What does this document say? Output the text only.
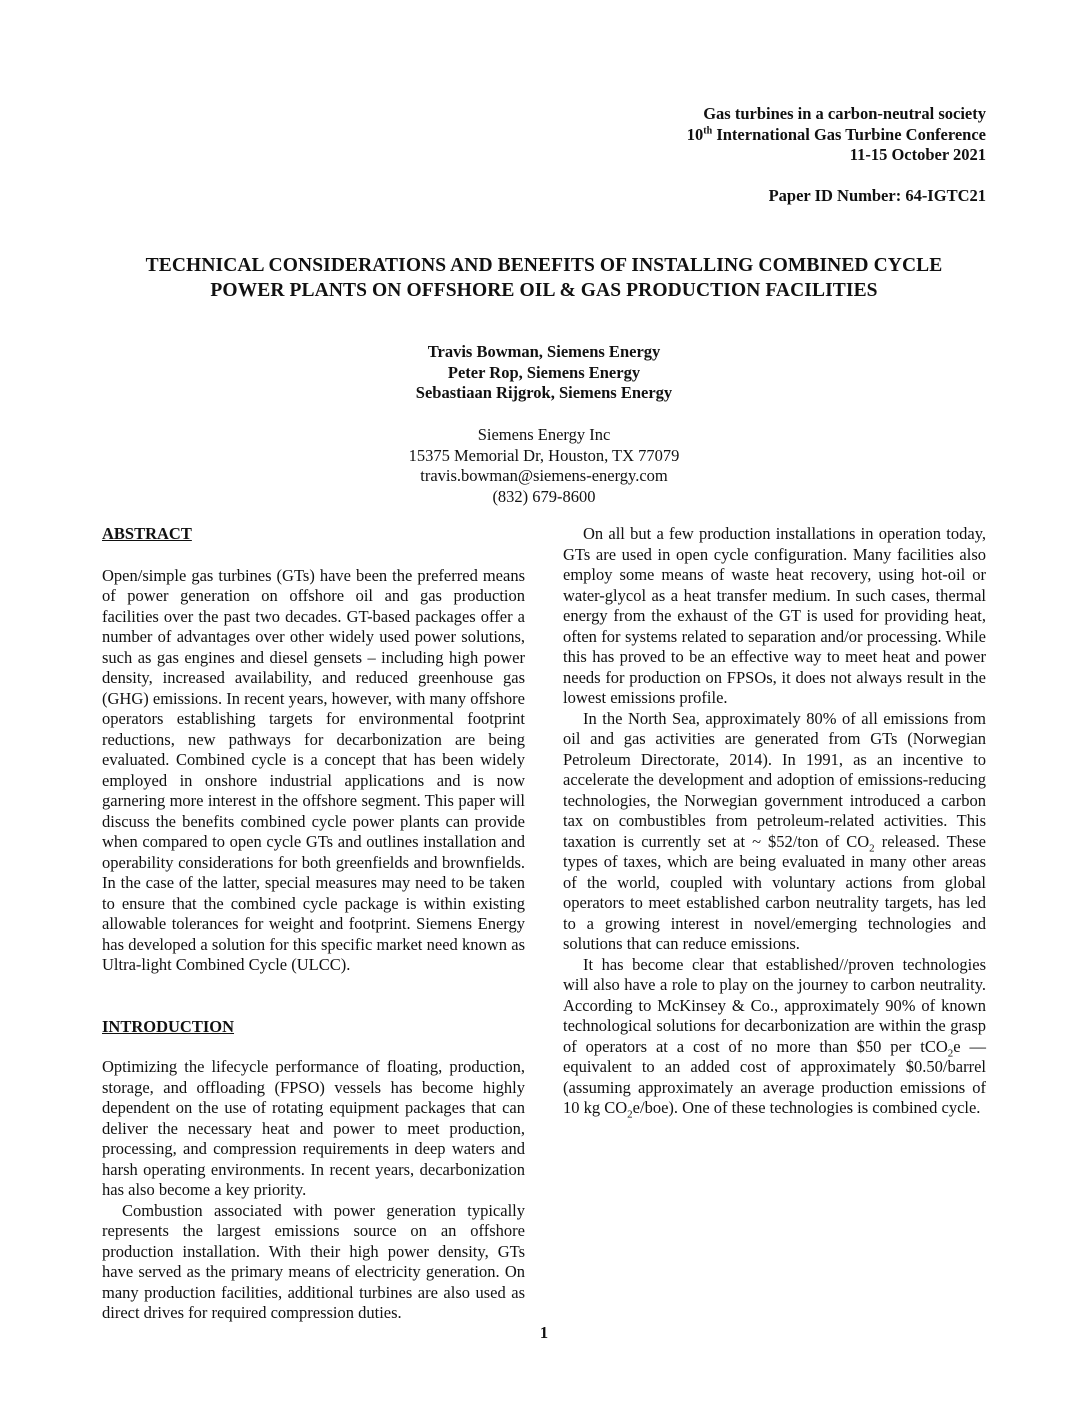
Gas turbines in a carbon-neutral society
10th International Gas Turbine Conference
11-15 October 2021
Paper ID Number: 64-IGTC21
TECHNICAL CONSIDERATIONS AND BENEFITS OF INSTALLING COMBINED CYCLE
POWER PLANTS ON OFFSHORE OIL & GAS PRODUCTION FACILITIES
Travis Bowman, Siemens Energy
Peter Rop, Siemens Energy
Sebastiaan Rijgrok, Siemens Energy
Siemens Energy Inc
15375 Memorial Dr, Houston, TX 77079
travis.bowman@siemens-energy.com
(832) 679-8600
ABSTRACT

Open/simple gas turbines (GTs) have been the preferred means of power generation on offshore oil and gas production facilities over the past two decades. GT-based packages offer a number of advantages over other widely used power solutions, such as gas engines and diesel gensets – including high power density, increased availability, and reduced greenhouse gas (GHG) emissions. In recent years, however, with many offshore operators establishing targets for environmental footprint reductions, new pathways for decarbonization are being evaluated. Combined cycle is a concept that has been widely employed in onshore industrial applications and is now garnering more interest in the offshore segment. This paper will discuss the benefits combined cycle power plants can provide when compared to open cycle GTs and outlines installation and operability considerations for both greenfields and brownfields. In the case of the latter, special measures may need to be taken to ensure that the combined cycle package is within existing allowable tolerances for weight and footprint. Siemens Energy has developed a solution for this specific market need known as Ultra-light Combined Cycle (ULCC).

INTRODUCTION

Optimizing the lifecycle performance of floating, production, storage, and offloading (FPSO) vessels has become highly dependent on the use of rotating equipment packages that can deliver the necessary heat and power to meet production, processing, and compression requirements in deep waters and harsh operating environments. In recent years, decarbonization has also become a key priority.

Combustion associated with power generation typically represents the largest emissions source on an offshore production installation. With their high power density, GTs have served as the primary means of electricity generation. On many production facilities, additional turbines are also used as direct drives for required compression duties.

On all but a few production installations in operation today, GTs are used in open cycle configuration. Many facilities also employ some means of waste heat recovery, using hot-oil or water-glycol as a heat transfer medium. In such cases, thermal energy from the exhaust of the GT is used for providing heat, often for systems related to separation and/or processing. While this has proved to be an effective way to meet heat and power needs for production on FPSOs, it does not always result in the lowest emissions profile.

In the North Sea, approximately 80% of all emissions from oil and gas activities are generated from GTs (Norwegian Petroleum Directorate, 2014). In 1991, as an incentive to accelerate the development and adoption of emissions-reducing technologies, the Norwegian government introduced a carbon tax on combustibles from petroleum-related activities. This taxation is currently set at ~ $52/ton of $CO_2$ released. These types of taxes, which are being evaluated in many other areas of the world, coupled with voluntary actions from global operators to meet established carbon neutrality targets, has led to a growing interest in novel/emerging technologies and solutions that can reduce emissions.

It has become clear that established//proven technologies will also have a role to play on the journey to carbon neutrality. According to McKinsey & Co., approximately 90% of known technological solutions for decarbonization are within the grasp of operators at a cost of no more than $50 per tCO$_2$e — equivalent to an added cost of approximately $0.50/barrel (assuming approximately an average production emissions of 10 kg $CO_2e/boe$). One of these technologies is combined cycle.

1
